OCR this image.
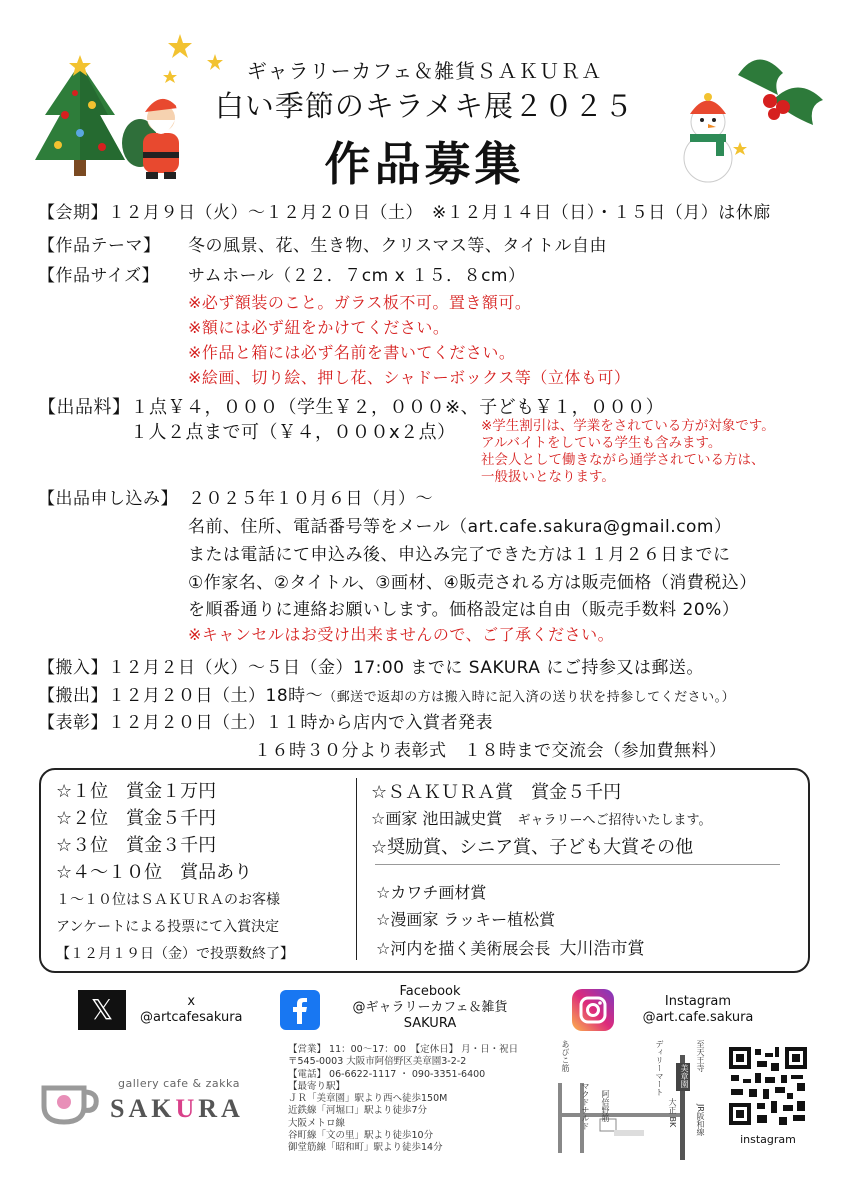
ギャラリーカフェ＆雑貨ＳＡＫＵＲＡ
白い季節のキラメキ展２０２５
作品募集
【会期】１２月９日（火）～１２月２０日（土）　※１２月１４日（日）・１５日（月）は休廊
【作品テーマ】 冬の風景、花、生き物、クリスマス等、タイトル自由
【作品サイズ】 サムホール（２２．７cm x １５．８cm）
※必ず額装のこと。ガラス板不可。置き額可。
※額には必ず紐をかけてください。
※作品と箱には必ず名前を書いてください。
※絵画、切り絵、押し花、シャドーボックス等（立体も可）
【出品料】１点￥４，０００（学生￥２，０００※、子ども￥１，０００）
１人２点まで可（￥４，０００x２点） ※学生割引は、学業をされている方が対象です。
アルバイトをしている学生も含みます。
社会人として働きながら通学されている方は、
一般扱いとなります。
【出品申し込み】 ２０２５年１０月６日（月）～
名前、住所、電話番号等をメール（art.cafe.sakura@gmail.com）
または電話にて申込み後、申込み完了できた方は１１月２６日までに
①作家名、②タイトル、③画材、④販売される方は販売価格（消費税込）
を順番通りに連絡お願いします。価格設定は自由（販売手数料 20%）
※キャンセルはお受け出来ませんので、ご了承ください。
【搬入】１２月２日（火）～５日（金）17:00 までに SAKURA にご持参又は郵送。
【搬出】１２月２０日（土）18時～（郵送で返却の方は搬入時に記入済の送り状を持参してください。）
【表彰】１２月２０日（土）１１時から店内で入賞者発表
１６時３０分より表彰式　１８時まで交流会（参加費無料）
☆１位　賞金１万円
☆２位　賞金５千円
☆３位　賞金３千円
☆４～１０位　賞品あり
１～１０位はＳＡＫＵＲＡのお客様
アンケートによる投票にて入賞決定
【１２月１９日（金）で投票数終了】
☆ＳＡＫＵＲＡ賞　賞金５千円
☆画家 池田誠史賞 ギャラリーへご招待いたします。
☆奨励賞、シニア賞、子ども大賞その他
☆カワチ画材賞
☆漫画家 ラッキー植松賞
☆河内を描く美術展会長 大川浩市賞
𝕏	x
@artcafesakura
Facebook
@ギャラリーカフェ＆雑貨
SAKURA
Instagram
@art.cafe.sakura
gallery cafe & zakka
SAKURA
【営業】 11：00～17：00　【定休日】 月・日・祝日
〒545-0003 大阪市阿倍野区美章園3-2-2
【電話】 06-6622-1117 ・ 090-3351-6400
【最寄り駅】
ＪＲ「美章園」駅より西へ徒歩150M
近鉄線「河堀口」駅より徒歩7分
大阪メトロ線
谷町線「文の里」駅より徒歩10分
御堂筋線「昭和町」駅より徒歩14分
あびこ筋	ディリーマート 美章園
JR阪和線
至天王寺
大正 BK
マクドナルド 阿倍野筋
instagram
